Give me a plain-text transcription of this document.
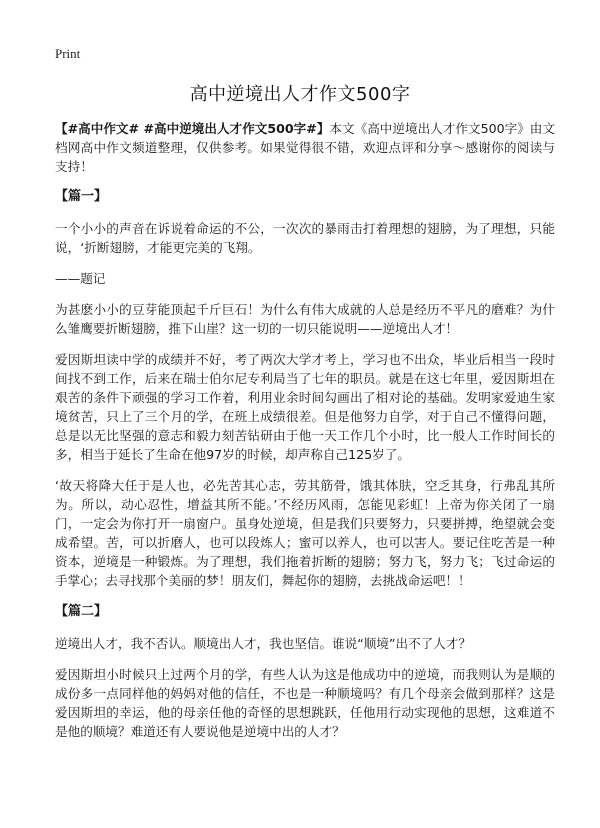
Print
高中逆境出人才作文500字

【#高中作文# #高中逆境出人才作文500字#】本文《高中逆境出人才作文500字》由文档网高中作文频道整理，仅供参考。如果觉得很不错，欢迎点评和分享～感谢你的阅读与支持！

【篇一】

一个小小的声音在诉说着命运的不公，一次次的暴雨击打着理想的翅膀，为了理想，只能说，‘折断翅膀，才能更完美的飞翔。

——题记

为甚麽小小的豆芽能顶起千斤巨石！为什么有伟大成就的人总是经历不平凡的磨难？为什么雏鹰要折断翅膀，推下山崖？这一切的一切只能说明——逆境出人才！

爱因斯坦读中学的成绩并不好，考了两次大学才考上，学习也不出众，毕业后相当一段时间找不到工作，后来在瑞士伯尔尼专利局当了七年的职员。就是在这七年里，爱因斯坦在艰苦的条件下顽强的学习工作着，利用业余时间勾画出了相对论的基础。发明家爱迪生家境贫苦，只上了三个月的学，在班上成绩很差。但是他努力自学，对于自己不懂得问题，总是以无比坚强的意志和毅力刻苦钻研由于他一天工作几个小时，比一般人工作时间长的多，相当于延长了生命在他97岁的时候，却声称自己125岁了。

‘故天将降大任于是人也，必先苦其心志，劳其筋骨，饿其体肤，空乏其身，行弗乱其所为。所以，动心忍性，增益其所不能。’不经历风雨，怎能见彩虹！上帝为你关闭了一扇门，一定会为你打开一扇窗户。虽身处逆境，但是我们只要努力，只要拼搏，绝望就会变成希望。苦，可以折磨人，也可以段炼人；蜜可以养人，也可以害人。要记住吃苦是一种资本，逆境是一种锻炼。为了理想，我们拖着折断的翅膀；努力飞，努力飞；飞过命运的手掌心；去寻找那个美丽的梦！朋友们，舞起你的翅膀，去挑战命运吧！！

【篇二】

逆境出人才，我不否认。顺境出人才，我也坚信。谁说“顺境”出不了人才？

爱因斯坦小时候只上过两个月的学，有些人认为这是他成功中的逆境，而我则认为是顺的成份多一点同样他的妈妈对他的信任，不也是一种顺境吗？有几个母亲会做到那样？这是爱因斯坦的幸运，他的母亲任他的奇怪的思想跳跃，任他用行动实现他的思想，这难道不是他的顺境？难道还有人要说他是逆境中出的人才？
